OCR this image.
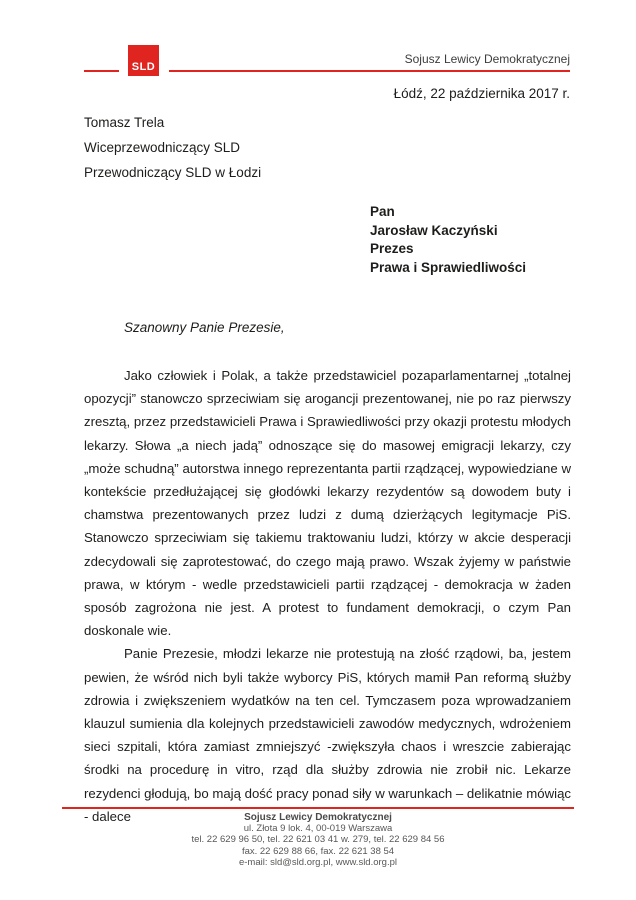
SLD
Sojusz Lewicy Demokratycznej
Łódź, 22 października 2017 r.
Tomasz Trela
Wiceprzewodniczący SLD
Przewodniczący SLD w Łodzi
Pan
Jarosław Kaczyński
Prezes
Prawa i Sprawiedliwości
Szanowny Panie Prezesie,

Jako człowiek i Polak, a także przedstawiciel pozaparlamentarnej „totalnej opozycji” stanowczo sprzeciwiam się arogancji prezentowanej, nie po raz pierwszy zresztą, przez przedstawicieli Prawa i Sprawiedliwości przy okazji protestu młodych lekarzy. Słowa „a niech jadą” odnoszące się do masowej emigracji lekarzy, czy „może schudną” autorstwa innego reprezentanta partii rządzącej, wypowiedziane w kontekście przedłużającej się głodówki lekarzy rezydentów są dowodem buty i chamstwa prezentowanych przez ludzi z dumą dzierżących legitymacje PiS. Stanowczo sprzeciwiam się takiemu traktowaniu ludzi, którzy w akcie desperacji zdecydowali się zaprotestować, do czego mają prawo. Wszak żyjemy w państwie prawa, w którym - wedle przedstawicieli partii rządzącej - demokracja w żaden sposób zagrożona nie jest. A protest to fundament demokracji, o czym Pan doskonale wie.

Panie Prezesie, młodzi lekarze nie protestują na złość rządowi, ba, jestem pewien, że wśród nich byli także wyborcy PiS, których mamił Pan reformą służby zdrowia i zwiększeniem wydatków na ten cel. Tymczasem poza wprowadzaniem klauzul sumienia dla kolejnych przedstawicieli zawodów medycznych, wdrożeniem sieci szpitali, która zamiast zmniejszyć -zwiększyła chaos i wreszcie zabierając środki na procedurę in vitro, rząd dla służby zdrowia nie zrobił nic. Lekarze rezydenci głodują, bo mają dość pracy ponad siły w warunkach – delikatnie mówiąc - dalece	Sojusz Lewicy Demokratycznej
ul. Złota 9 lok. 4, 00-019 Warszawa
tel. 22 629 96 50, tel. 22 621 03 41 w. 279, tel. 22 629 84 56
fax. 22 629 88 66, fax. 22 621 38 54
e-mail: sld@sld.org.pl, www.sld.org.pl
